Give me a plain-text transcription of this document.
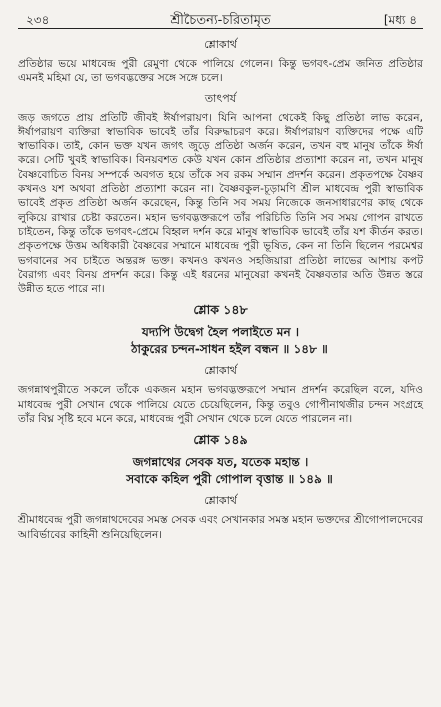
২৩৪	শ্রীচৈতন্য-চরিতামৃত	[মধ্য ৪
শ্লোকার্থ

প্রতিষ্ঠার ভয়ে মাধবেন্দ্র পুরী রেমুণা থেকে পালিয়ে গেলেন। কিন্তু ভগবৎ-প্রেম জনিত প্রতিষ্ঠার এমনই মহিমা যে, তা ভগবদ্ভক্তের সঙ্গে সঙ্গে চলে।

তাৎপর্য

জড় জগতে প্রায় প্রতিটি জীবই ঈর্ষাপরায়ণ। যিনি আপনা থেকেই কিছু প্রতিষ্ঠা লাভ করেন, ঈর্ষাপরায়ণ ব্যক্তিরা স্বাভাবিক ভাবেই তাঁর বিরুদ্ধাচরণ করে। ঈর্ষাপরায়ণ ব্যক্তিদের পক্ষে এটি স্বাভাবিক। তাই, কোন ভক্ত যখন জগৎ জুড়ে প্রতিষ্ঠা অর্জন করেন, তখন বহু মানুষ তাঁকে ঈর্ষা করে। সেটি খুবই স্বাভাবিক। বিনয়বশত কেউ যখন কোন প্রতিষ্ঠার প্রত্যাশা করেন না, তখন মানুষ বৈষ্ণবোচিত বিনয় সম্পর্কে অবগত হয়ে তাঁকে সব রকম সম্মান প্রদর্শন করেন। প্রকৃতপক্ষে বৈষ্ণব কখনও যশ অথবা প্রতিষ্ঠা প্রত্যাশা করেন না। বৈষ্ণবকুল-চূড়ামণি শ্রীল মাধবেন্দ্র পুরী স্বাভাবিক ভাবেই প্রকৃত প্রতিষ্ঠা অর্জন করেছেন, কিন্তু তিনি সব সময় নিজেকে জনসাধারণের কাছ থেকে লুকিয়ে রাখার চেষ্টা করতেন। মহান ভগবদ্ভক্তরূপে তাঁর পরিচিতি তিনি সব সময় গোপন রাখতে চাইতেন, কিন্তু তাঁকে ভগবৎ-প্রেমে বিহ্বল দর্শন করে মানুষ স্বাভাবিক ভাবেই তাঁর যশ কীর্তন করত। প্রকৃতপক্ষে উত্তম অধিকারী বৈষ্ণবের সম্মানে মাধবেন্দ্র পুরী ভূষিত, কেন না তিনি ছিলেন পরমেশ্বর ভগবানের সব চাইতে অন্তরঙ্গ ভক্ত। কখনও কখনও সহজিয়ারা প্রতিষ্ঠা লাভের আশায় কপট বৈরাগ্য এবং বিনয় প্রদর্শন করে। কিন্তু এই ধরনের মানুষেরা কখনই বৈষ্ণবতার অতি উন্নত স্তরে উন্নীত হতে পারে না।

শ্লোক ১৪৮

যদ্যপি উদ্বেগ হৈল পলাইতে মন ।

ঠাকুরের চন্দন-সাধন হইল বন্ধন ॥ ১৪৮ ॥

শ্লোকার্থ

জগন্নাথপুরীতে সকলে তাঁকে একজন মহান ভগবদ্ভক্তরূপে সম্মান প্রদর্শন করেছিল বলে, যদিও মাধবেন্দ্র পুরী সেখান থেকে পালিয়ে যেতে চেয়েছিলেন, কিন্তু তবুও গোপীনাথজীর চন্দন সংগ্রহে তাঁর বিঘ্ন সৃষ্টি হবে মনে করে, মাধবেন্দ্র পুরী সেখান থেকে চলে যেতে পারলেন না।

শ্লোক ১৪৯

জগন্নাথের সেবক যত, যতেক মহান্ত ।

সবাকে কহিল পুরী গোপাল বৃত্তান্ত ॥ ১৪৯ ॥

শ্লোকার্থ

শ্রীমাধবেন্দ্র পুরী জগন্নাথদেবের সমস্ত সেবক এবং সেখানকার সমস্ত মহান ভক্তদের শ্রীগোপালদেবের আবির্ভাবের কাহিনী শুনিয়েছিলেন।
